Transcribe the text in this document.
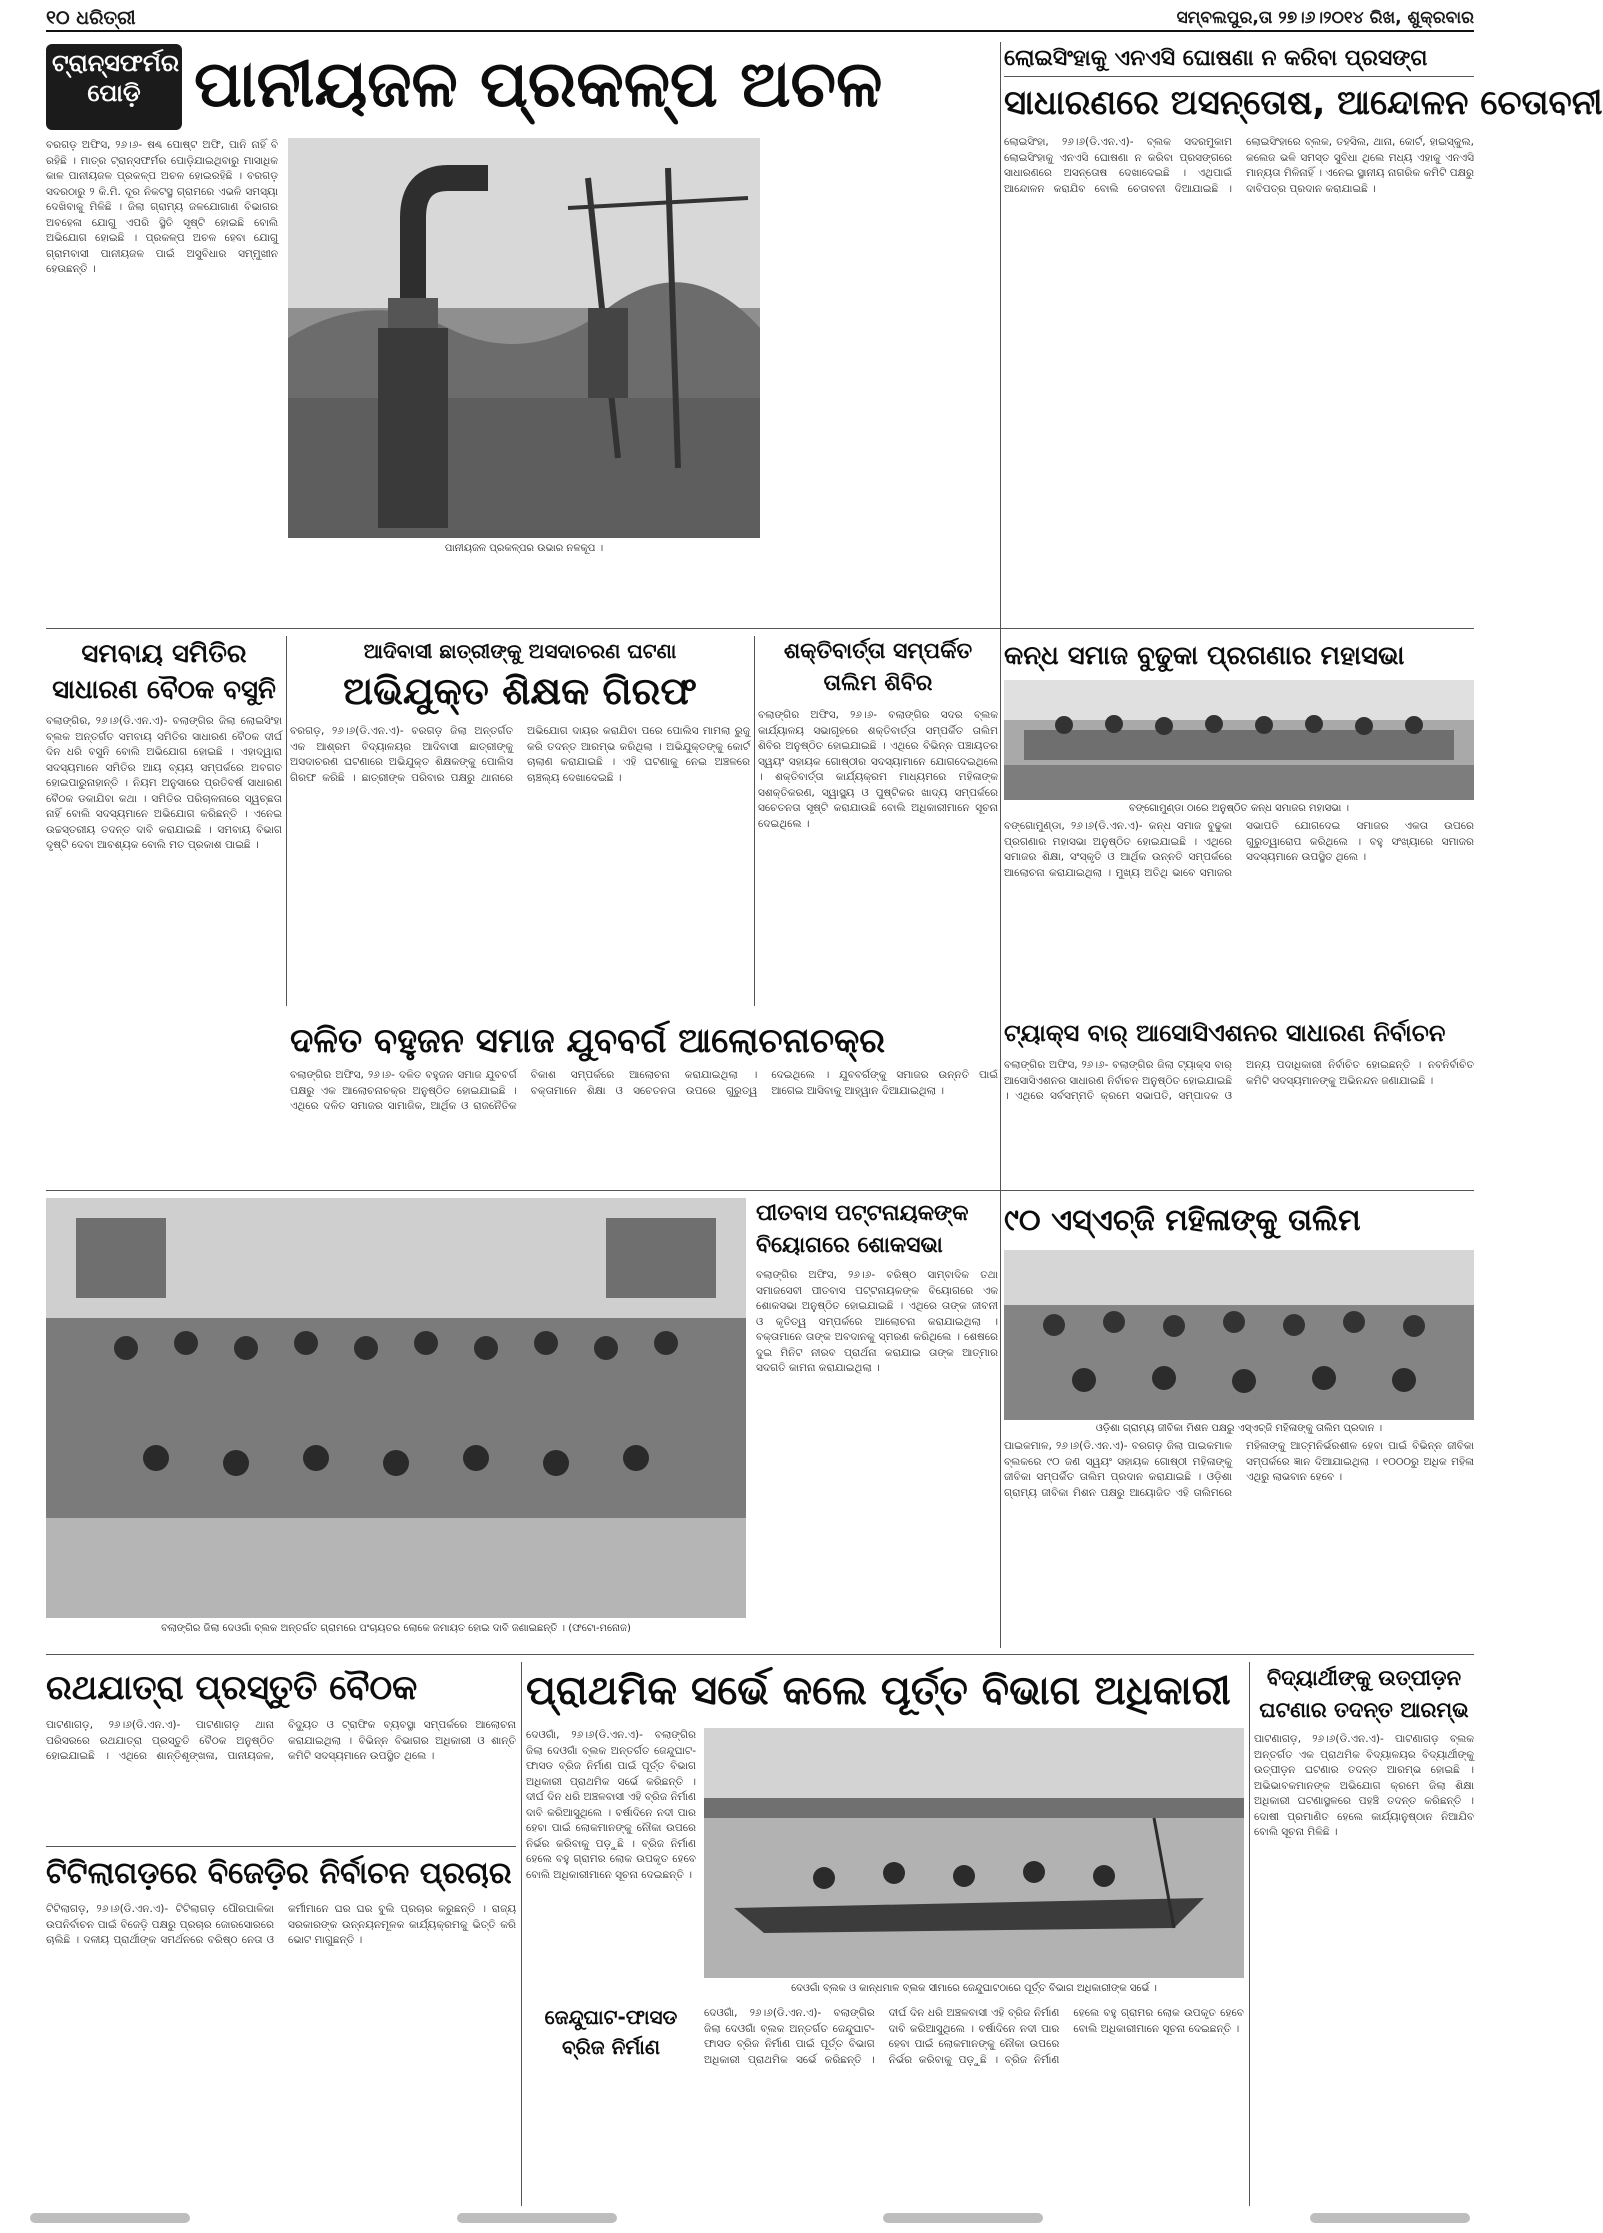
୧୦ ଧରିତ୍ରୀ	ସମ୍ବଲପୁର,ତା ୨୭।୬।୨୦୧୪ ରିଖ, ଶୁକ୍ରବାର
ଟ୍ରାନ୍ସଫର୍ମର ପୋଡ଼ି ପାନୀୟଜଳ ପ୍ରକଳ୍ପ ଅଚଳ
ବରଗଡ଼ ଅଫିସ, ୨୬।୬- ଷଣ୍ଢ ପୋଷ୍ଟ ଅଫି, ପାନି ନାହିଁ ବି ରହିଛି । ମାତ୍ର ଟ୍ରାନ୍ସଫର୍ମର ପୋଡ଼ିଯାଇଥିବାରୁ ମାସାଧିକ କାଳ ପାନୀୟଜଳ ପ୍ରକଳ୍ପ ଅଚଳ ହୋଇରହିଛି । ବରଗଡ଼ ସଦରଠାରୁ ୨ କି.ମି. ଦୂର ନିକଟସ୍ଥ ଗ୍ରାମରେ ଏଭଳି ସମସ୍ୟା ଦେଖିବାକୁ ମିଳିଛି । ଜିଲା ଗ୍ରାମ୍ୟ ଜଳଯୋଗାଣ ବିଭାଗର ଅବହେଳା ଯୋଗୁ ଏପରି ସ୍ଥିତି ସୃଷ୍ଟି ହୋଇଛି ବୋଲି ଅଭିଯୋଗ ହୋଇଛି । ପ୍ରକଳ୍ପ ଅଚଳ ହେବା ଯୋଗୁ ଗ୍ରାମବାସୀ ପାନୀୟଜଳ ପାଇଁ ଅସୁବିଧାର ସମ୍ମୁଖୀନ ହେଉଛନ୍ତି ।
ପାନୀୟଜଳ ପ୍ରକଳ୍ପର ଉଭାର ନଳକୂପ ।
ଲୋଇସିଂହାକୁ ଏନଏସି ଘୋଷଣା ନ କରିବା ପ୍ରସଙ୍ଗ
ସାଧାରଣରେ ଅସନ୍ତୋଷ, ଆନ୍ଦୋଳନ ଚେତାବନୀ
ଲୋଇସିଂହା, ୨୬।୬(ଡି.ଏନ.ଏ)- ବ୍ଲକ ସଦରମୁକାମ ଲୋଇସିଂହାକୁ ଏନଏସି ଘୋଷଣା ନ କରିବା ପ୍ରସଙ୍ଗରେ ସାଧାରଣରେ ଅସନ୍ତୋଷ ଦେଖାଦେଇଛି । ଏଥିପାଇଁ ଆନ୍ଦୋଳନ କରାଯିବ ବୋଲି ଚେତାବନୀ ଦିଆଯାଇଛି । ଲୋଇସିଂହାରେ ବ୍ଲକ, ତହସିଲ, ଥାନା, କୋର୍ଟ, ହାଇସ୍କୁଲ, କଲେଜ ଭଳି ସମସ୍ତ ସୁବିଧା ଥିଲେ ମଧ୍ୟ ଏହାକୁ ଏନଏସି ମାନ୍ୟତା ମିଳିନାହିଁ । ଏନେଇ ସ୍ଥାନୀୟ ନାଗରିକ କମିଟି ପକ୍ଷରୁ ଦାବିପତ୍ର ପ୍ରଦାନ କରାଯାଇଛି ।
ସମବାୟ ସମିତିର ସାଧାରଣ ବୈଠକ ବସୁନି
ବଲାଙ୍ଗିର, ୨୬।୬(ଡି.ଏନ.ଏ)- ବଲାଙ୍ଗିର ଜିଲା ଲୋଇସିଂହା ବ୍ଲକ ଅନ୍ତର୍ଗତ ସମବାୟ ସମିତିର ସାଧାରଣ ବୈଠକ ଦୀର୍ଘ ଦିନ ଧରି ବସୁନି ବୋଲି ଅଭିଯୋଗ ହୋଇଛି । ଏହାଦ୍ୱାରା ସଦସ୍ୟମାନେ ସମିତିର ଆୟ ବ୍ୟୟ ସମ୍ପର୍କରେ ଅବଗତ ହୋଇପାରୁନାହାନ୍ତି । ନିୟମ ଅନୁସାରେ ପ୍ରତିବର୍ଷ ସାଧାରଣ ବୈଠକ ଡକାଯିବା କଥା । ସମିତିର ପରିଚାଳନାରେ ସ୍ୱଚ୍ଛତା ନାହିଁ ବୋଲି ସଦସ୍ୟମାନେ ଅଭିଯୋଗ କରିଛନ୍ତି । ଏନେଇ ଉଚ୍ଚସ୍ତରୀୟ ତଦନ୍ତ ଦାବି କରାଯାଇଛି । ସମବାୟ ବିଭାଗ ଦୃଷ୍ଟି ଦେବା ଆବଶ୍ୟକ ବୋଲି ମତ ପ୍ରକାଶ ପାଇଛି ।
ଆଦିବାସୀ ଛାତ୍ରୀଙ୍କୁ ଅସଦାଚରଣ ଘଟଣା
ଅଭିଯୁକ୍ତ ଶିକ୍ଷକ ଗିରଫ
ବରଗଡ଼, ୨୬।୬(ଡି.ଏନ.ଏ)- ବରଗଡ଼ ଜିଲା ଅନ୍ତର୍ଗତ ଏକ ଆଶ୍ରମ ବିଦ୍ୟାଳୟର ଆଦିବାସୀ ଛାତ୍ରୀଙ୍କୁ ଅସଦାଚରଣ ଘଟଣାରେ ଅଭିଯୁକ୍ତ ଶିକ୍ଷକଙ୍କୁ ପୋଲିସ ଗିରଫ କରିଛି । ଛାତ୍ରୀଙ୍କ ପରିବାର ପକ୍ଷରୁ ଥାନାରେ ଅଭିଯୋଗ ଦାୟର କରାଯିବା ପରେ ପୋଲିସ ମାମଲା ରୁଜୁ କରି ତଦନ୍ତ ଆରମ୍ଭ କରିଥିଲା । ଅଭିଯୁକ୍ତଙ୍କୁ କୋର୍ଟ ଚାଲାଣ କରାଯାଇଛି । ଏହି ଘଟଣାକୁ ନେଇ ଅଞ୍ଚଳରେ ଚାଞ୍ଚଲ୍ୟ ଦେଖାଦେଇଛି ।
ଶକ୍ତିବାର୍ତ୍ତା ସମ୍ପର୍କିତ ତାଲିମ ଶିବିର
ବଲାଙ୍ଗିର ଅଫିସ, ୨୬।୬- ବଲାଙ୍ଗିର ସଦର ବ୍ଲକ କାର୍ଯ୍ୟାଳୟ ସଭାଗୃହରେ ଶକ୍ତିବାର୍ତ୍ତା ସମ୍ପର୍କିତ ତାଲିମ ଶିବିର ଅନୁଷ୍ଠିତ ହୋଇଯାଇଛି । ଏଥିରେ ବିଭିନ୍ନ ପଞ୍ଚାୟତର ସ୍ୱୟଂ ସହାୟକ ଗୋଷ୍ଠୀର ସଦସ୍ୟାମାନେ ଯୋଗଦେଇଥିଲେ । ଶକ୍ତିବାର୍ତ୍ତା କାର୍ଯ୍ୟକ୍ରମ ମାଧ୍ୟମରେ ମହିଳାଙ୍କ ସଶକ୍ତିକରଣ, ସ୍ୱାସ୍ଥ୍ୟ ଓ ପୁଷ୍ଟିକର ଖାଦ୍ୟ ସମ୍ପର୍କରେ ସଚେତନତା ସୃଷ୍ଟି କରାଯାଉଛି ବୋଲି ଅଧିକାରୀମାନେ ସୂଚନା ଦେଇଥିଲେ ।
କନ୍ଧ ସମାଜ ବୁଢୁକା ପ୍ରଗଣାର ମହାସଭା
ବଙ୍ଗୋମୁଣ୍ଡା ଠାରେ ଅନୁଷ୍ଠିତ କନ୍ଧ ସମାଜର ମହାସଭା ।
ବଙ୍ଗୋମୁଣ୍ଡା, ୨୬।୬(ଡି.ଏନ.ଏ)- କନ୍ଧ ସମାଜ ବୁଢୁକା ପ୍ରଗଣାର ମହାସଭା ଅନୁଷ୍ଠିତ ହୋଇଯାଇଛି । ଏଥିରେ ସମାଜର ଶିକ୍ଷା, ସଂସ୍କୃତି ଓ ଆର୍ଥିକ ଉନ୍ନତି ସମ୍ପର୍କରେ ଆଲୋଚନା କରାଯାଇଥିଲା । ମୁଖ୍ୟ ଅତିଥି ଭାବେ ସମାଜର ସଭାପତି ଯୋଗଦେଇ ସମାଜର ଏକତା ଉପରେ ଗୁରୁତ୍ୱାରୋପ କରିଥିଲେ । ବହୁ ସଂଖ୍ୟାରେ ସମାଜର ସଦସ୍ୟମାନେ ଉପସ୍ଥିତ ଥିଲେ ।
ଦଳିତ ବହୁଜନ ସମାଜ ଯୁବବର୍ଗ ଆଲୋଚନାଚକ୍ର
ବଲାଙ୍ଗିର ଅଫିସ, ୨୬।୬- ଦଳିତ ବହୁଜନ ସମାଜ ଯୁବବର୍ଗ ପକ୍ଷରୁ ଏକ ଆଲୋଚନାଚକ୍ର ଅନୁଷ୍ଠିତ ହୋଇଯାଇଛି । ଏଥିରେ ଦଳିତ ସମାଜର ସାମାଜିକ, ଆର୍ଥିକ ଓ ରାଜନୈତିକ ବିକାଶ ସମ୍ପର୍କରେ ଆଲୋଚନା କରାଯାଇଥିଲା । ବକ୍ତାମାନେ ଶିକ୍ଷା ଓ ସଚେତନତା ଉପରେ ଗୁରୁତ୍ୱ ଦେଇଥିଲେ । ଯୁବବର୍ଗଙ୍କୁ ସମାଜର ଉନ୍ନତି ପାଇଁ ଆଗେଇ ଆସିବାକୁ ଆହ୍ୱାନ ଦିଆଯାଇଥିଲା ।
ଟ୍ୟାକ୍ସ ବାର୍ ଆସୋସିଏଶନର ସାଧାରଣ ନିର୍ବାଚନ
ବଲାଙ୍ଗିର ଅଫିସ, ୨୬।୬- ବଲାଙ୍ଗିର ଜିଲା ଟ୍ୟାକ୍ସ ବାର୍ ଆସୋସିଏଶନର ସାଧାରଣ ନିର୍ବାଚନ ଅନୁଷ୍ଠିତ ହୋଇଯାଇଛି । ଏଥିରେ ସର୍ବସମ୍ମତି କ୍ରମେ ସଭାପତି, ସମ୍ପାଦକ ଓ ଅନ୍ୟ ପଦାଧିକାରୀ ନିର୍ବାଚିତ ହୋଇଛନ୍ତି । ନବନିର୍ବାଚିତ କମିଟି ସଦସ୍ୟମାନଙ୍କୁ ଅଭିନନ୍ଦନ ଜଣାଯାଇଛି ।
ବଲାଙ୍ଗିର ଜିଲା ଦେଓଗାଁ ବ୍ଲକ ଅନ୍ତର୍ଗତ ଗ୍ରାମରେ ପଂଚାୟତର ଲୋକେ ଜମାୟତ ହୋଇ ଦାବି ଜଣାଇଛନ୍ତି । (ଫଟୋ-ମନୋଜ)
ପୀତବାସ ପଟ୍ଟନାୟକଙ୍କ ବିୟୋଗରେ ଶୋକସଭା
ବଲାଙ୍ଗିର ଅଫିସ, ୨୬।୬- ବରିଷ୍ଠ ସାମ୍ବାଦିକ ତଥା ସମାଜସେବୀ ପୀତବାସ ପଟ୍ଟନାୟକଙ୍କ ବିୟୋଗରେ ଏକ ଶୋକସଭା ଅନୁଷ୍ଠିତ ହୋଇଯାଇଛି । ଏଥିରେ ତାଙ୍କ ଜୀବନୀ ଓ କୃତିତ୍ୱ ସମ୍ପର୍କରେ ଆଲୋଚନା କରାଯାଇଥିଲା । ବକ୍ତାମାନେ ତାଙ୍କ ଅବଦାନକୁ ସ୍ମରଣ କରିଥିଲେ । ଶେଷରେ ଦୁଇ ମିନିଟ ନୀରବ ପ୍ରାର୍ଥନା କରାଯାଇ ତାଙ୍କ ଆତ୍ମାର ସଦଗତି କାମନା କରାଯାଇଥିଲା ।
୯୦ ଏସ୍‌ଏଚ୍‌ଜି ମହିଳାଙ୍କୁ ତାଲିମ
ଓଡ଼ିଶା ଗ୍ରାମ୍ୟ ଜୀବିକା ମିଶନ ପକ୍ଷରୁ ଏସ୍‌ଏଚ୍‌ଜି ମହିଳାଙ୍କୁ ତାଲିମ ପ୍ରଦାନ ।
ପାଇକମାଳ, ୨୬।୬(ଡି.ଏନ.ଏ)- ବରଗଡ଼ ଜିଲା ପାଇକମାଳ ବ୍ଲକରେ ୯୦ ଜଣ ସ୍ୱୟଂ ସହାୟକ ଗୋଷ୍ଠୀ ମହିଳାଙ୍କୁ ଜୀବିକା ସମ୍ପର୍କିତ ତାଲିମ ପ୍ରଦାନ କରାଯାଇଛି । ଓଡ଼ିଶା ଗ୍ରାମ୍ୟ ଜୀବିକା ମିଶନ ପକ୍ଷରୁ ଆୟୋଜିତ ଏହି ତାଲିମରେ ମହିଳାଙ୍କୁ ଆତ୍ମନିର୍ଭରଶୀଳ ହେବା ପାଇଁ ବିଭିନ୍ନ ଜୀବିକା ସମ୍ପର୍କରେ ଜ୍ଞାନ ଦିଆଯାଇଥିଲା । ୧୦୦୦ରୁ ଅଧିକ ମହିଳା ଏଥିରୁ ଲାଭବାନ ହେବେ ।
ରଥଯାତ୍ରା ପ୍ରସ୍ତୁତି ବୈଠକ
ପାଟଣାଗଡ଼, ୨୬।୬(ଡି.ଏନ.ଏ)- ପାଟଣାଗଡ଼ ଥାନା ପରିସରରେ ରଥଯାତ୍ରା ପ୍ରସ୍ତୁତି ବୈଠକ ଅନୁଷ୍ଠିତ ହୋଇଯାଇଛି । ଏଥିରେ ଶାନ୍ତିଶୃଙ୍ଖଳା, ପାନୀୟଜଳ, ବିଦ୍ୟୁତ ଓ ଟ୍ରାଫିକ ବ୍ୟବସ୍ଥା ସମ୍ପର୍କରେ ଆଲୋଚନା କରାଯାଇଥିଲା । ବିଭିନ୍ନ ବିଭାଗର ଅଧିକାରୀ ଓ ଶାନ୍ତି କମିଟି ସଦସ୍ୟମାନେ ଉପସ୍ଥିତ ଥିଲେ ।
ଟିଟିଲାଗଡ଼ରେ ବିଜେଡ଼ିର ନିର୍ବାଚନ ପ୍ରଚାର
ଟିଟିଲାଗଡ଼, ୨୬।୬(ଡି.ଏନ.ଏ)- ଟିଟିଲାଗଡ଼ ପୌରପାଳିକା ଉପନିର୍ବାଚନ ପାଇଁ ବିଜେଡ଼ି ପକ୍ଷରୁ ପ୍ରଚାର ଜୋରସୋରରେ ଚାଲିଛି । ଦଳୀୟ ପ୍ରାର୍ଥୀଙ୍କ ସମର୍ଥନରେ ବରିଷ୍ଠ ନେତା ଓ କର୍ମୀମାନେ ଘର ଘର ବୁଲି ପ୍ରଚାର କରୁଛନ୍ତି । ରାଜ୍ୟ ସରକାରଙ୍କ ଉନ୍ନୟନମୂଳକ କାର୍ଯ୍ୟକ୍ରମକୁ ଭିତ୍ତି କରି ଭୋଟ ମାଗୁଛନ୍ତି ।
ପ୍ରାଥମିକ ସର୍ଭେ କଲେ ପୂର୍ତ୍ତ ବିଭାଗ ଅଧିକାରୀ
ଦେଓଗାଁ, ୨୬।୬(ଡି.ଏନ.ଏ)- ବଲାଙ୍ଗିର ଜିଲା ଦେଓଗାଁ ବ୍ଲକ ଅନ୍ତର୍ଗତ ଜେନ୍ଦୁଘାଟ-ଫାସଡ ବ୍ରିଜ ନିର୍ମାଣ ପାଇଁ ପୂର୍ତ୍ତ ବିଭାଗ ଅଧିକାରୀ ପ୍ରାଥମିକ ସର୍ଭେ କରିଛନ୍ତି । ଦୀର୍ଘ ଦିନ ଧରି ଅଞ୍ଚଳବାସୀ ଏହି ବ୍ରିଜ ନିର୍ମାଣ ଦାବି କରିଆସୁଥିଲେ । ବର୍ଷାଦିନେ ନଦୀ ପାର ହେବା ପାଇଁ ଲୋକମାନଙ୍କୁ ନୌକା ଉପରେ ନିର୍ଭର କରିବାକୁ ପଡ଼ୁଛି । ବ୍ରିଜ ନିର୍ମାଣ ହେଲେ ବହୁ ଗ୍ରାମର ଲୋକ ଉପକୃତ ହେବେ ବୋଲି ଅଧିକାରୀମାନେ ସୂଚନା ଦେଇଛନ୍ତି ।
ଦେଓଗାଁ ବ୍ଲକ ଓ କାନ୍ଧମାଳ ବ୍ଲକ ସୀମାରେ ଜେନ୍ଦୁଘାଟଠାରେ ପୂର୍ତ୍ତ ବିଭାଗ ଅଧିକାରୀଙ୍କ ସର୍ଭେ ।
ଜେନ୍ଦୁଘାଟ-ଫାସଡ ବ୍ରିଜ ନିର୍ମାଣ
ଦେଓଗାଁ, ୨୬।୬(ଡି.ଏନ.ଏ)- ବଲାଙ୍ଗିର ଜିଲା ଦେଓଗାଁ ବ୍ଲକ ଅନ୍ତର୍ଗତ ଜେନ୍ଦୁଘାଟ-ଫାସଡ ବ୍ରିଜ ନିର୍ମାଣ ପାଇଁ ପୂର୍ତ୍ତ ବିଭାଗ ଅଧିକାରୀ ପ୍ରାଥମିକ ସର୍ଭେ କରିଛନ୍ତି । ଦୀର୍ଘ ଦିନ ଧରି ଅଞ୍ଚଳବାସୀ ଏହି ବ୍ରିଜ ନିର୍ମାଣ ଦାବି କରିଆସୁଥିଲେ । ବର୍ଷାଦିନେ ନଦୀ ପାର ହେବା ପାଇଁ ଲୋକମାନଙ୍କୁ ନୌକା ଉପରେ ନିର୍ଭର କରିବାକୁ ପଡ଼ୁଛି । ବ୍ରିଜ ନିର୍ମାଣ ହେଲେ ବହୁ ଗ୍ରାମର ଲୋକ ଉପକୃତ ହେବେ ବୋଲି ଅଧିକାରୀମାନେ ସୂଚନା ଦେଇଛନ୍ତି ।
ବିଦ୍ୟାର୍ଥୀଙ୍କୁ ଉତ୍ପୀଡ଼ନ ଘଟଣାର ତଦନ୍ତ ଆରମ୍ଭ
ପାଟଣାଗଡ଼, ୨୬।୬(ଡି.ଏନ.ଏ)- ପାଟଣାଗଡ଼ ବ୍ଲକ ଅନ୍ତର୍ଗତ ଏକ ପ୍ରାଥମିକ ବିଦ୍ୟାଳୟର ବିଦ୍ୟାର୍ଥୀଙ୍କୁ ଉତ୍ପୀଡ଼ନ ଘଟଣାର ତଦନ୍ତ ଆରମ୍ଭ ହୋଇଛି । ଅଭିଭାବକମାନଙ୍କ ଅଭିଯୋଗ କ୍ରମେ ଜିଲା ଶିକ୍ଷା ଅଧିକାରୀ ଘଟଣାସ୍ଥଳରେ ପହଞ୍ଚି ତଦନ୍ତ କରିଛନ୍ତି । ଦୋଷୀ ପ୍ରମାଣିତ ହେଲେ କାର୍ଯ୍ୟାନୁଷ୍ଠାନ ନିଆଯିବ ବୋଲି ସୂଚନା ମିଳିଛି ।
